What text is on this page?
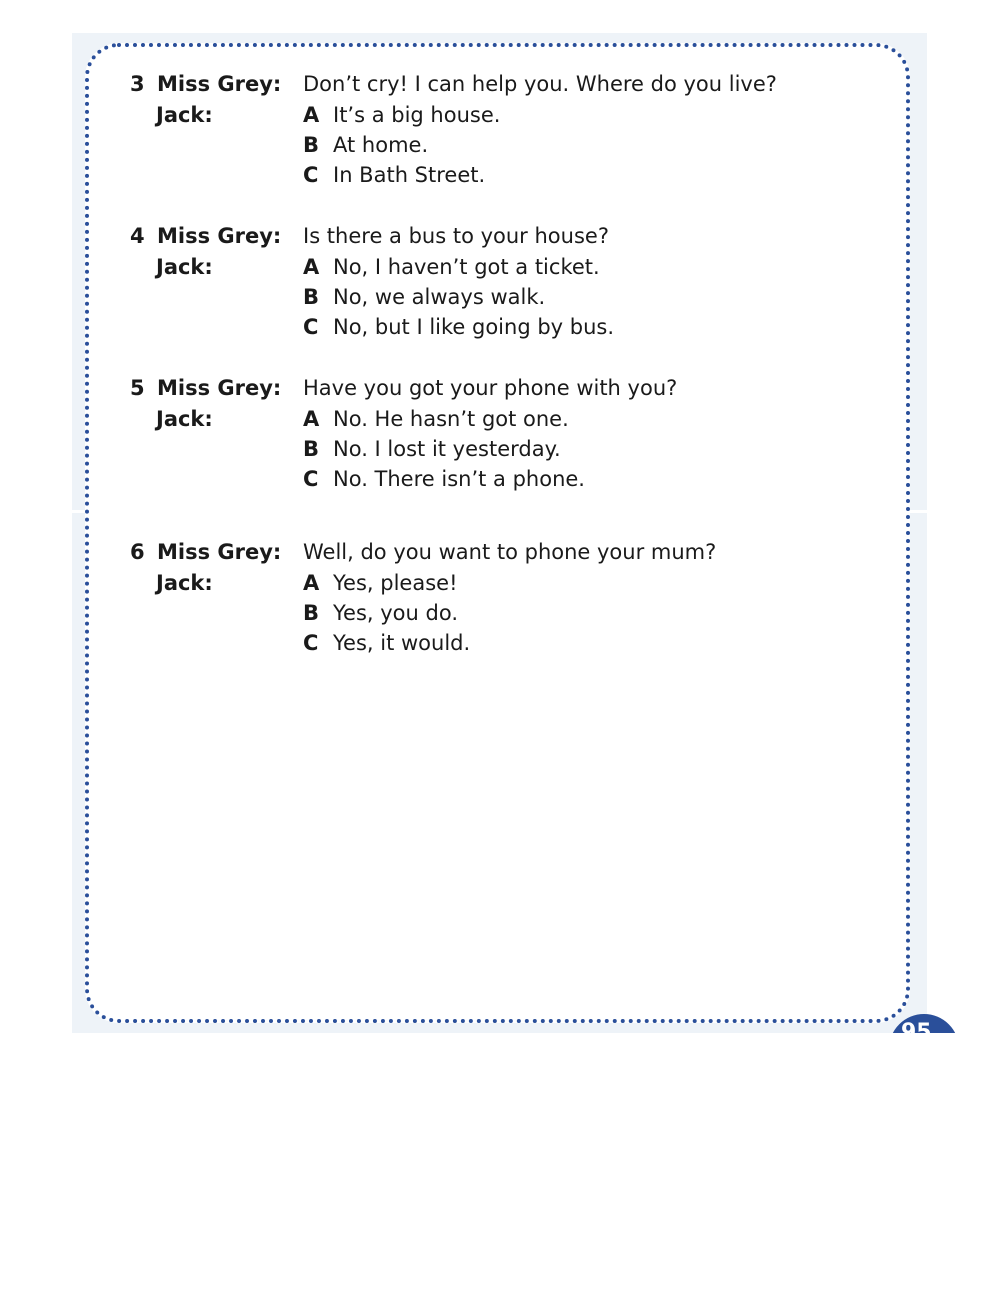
3 Miss Grey: Don’t cry! I can help you. Where do you live?
Jack:	A It’s a big house.
B At home.
C In Bath Street.
4 Miss Grey: Is there a bus to your house?
Jack:	A No, I haven’t got a ticket.
B No, we always walk.
C No, but I like going by bus.
5 Miss Grey: Have you got your phone with you?
Jack:	A No. He hasn’t got one.
B No. I lost it yesterday.
C No. There isn’t a phone.
6 Miss Grey: Well, do you want to phone your mum?
Jack:	A Yes, please!
B Yes, you do.
C Yes, it would.
